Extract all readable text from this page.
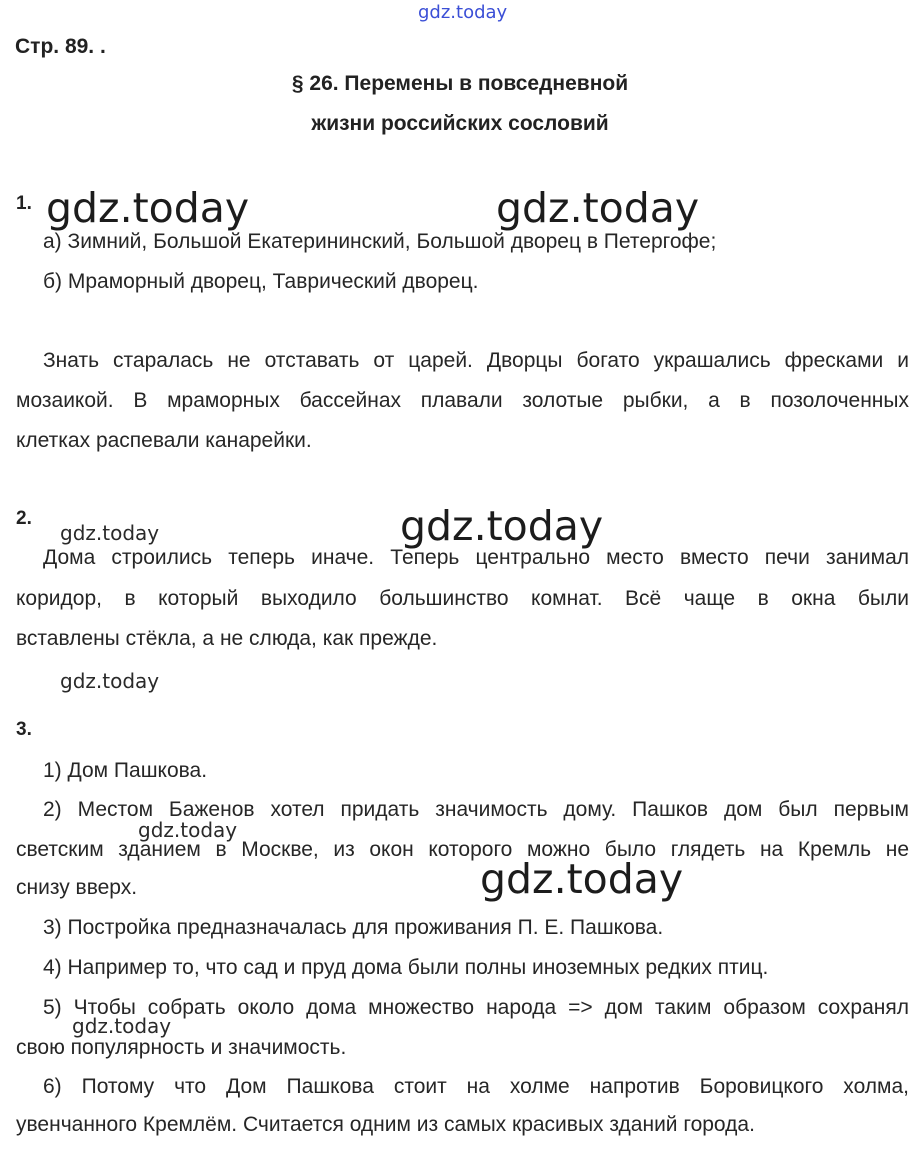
gdz.today
Стр. 89. .
§ 26. Перемены в повседневной
жизни российских сословий
1. gdz.today	gdz.today
а) Зимний, Большой Екатерининский, Большой дворец в Петергофе;
б) Мраморный дворец, Таврический дворец.
Знать старалась не отставать от царей. Дворцы богато украшались фресками и
мозаикой. В мраморных бассейнах плавали золотые рыбки, а в позолоченных
клетках распевали канарейки.
2.
gdz.today	gdz.today
Дома строились теперь иначе. Теперь центрально место вместо печи занимал
коридор, в который выходило большинство комнат. Всё чаще в окна были
вставлены стёкла, а не слюда, как прежде.
gdz.today
3.
1) Дом Пашкова.
2) Местом Баженов хотел придать значимость дому. Пашков дом был первым
gdz.today
светским зданием в Москве, из окон которого можно было глядеть на Кремль не
снизу вверх.	gdz.today
3) Постройка предназначалась для проживания П. Е. Пашкова.
4) Например то, что сад и пруд дома были полны иноземных редких птиц.
5) Чтобы собрать около дома множество народа => дом таким образом сохранял
gdz.today
свою популярность и значимость.
6) Потому что Дом Пашкова стоит на холме напротив Боровицкого холма,
увенчанного Кремлём. Считается одним из самых красивых зданий города.
